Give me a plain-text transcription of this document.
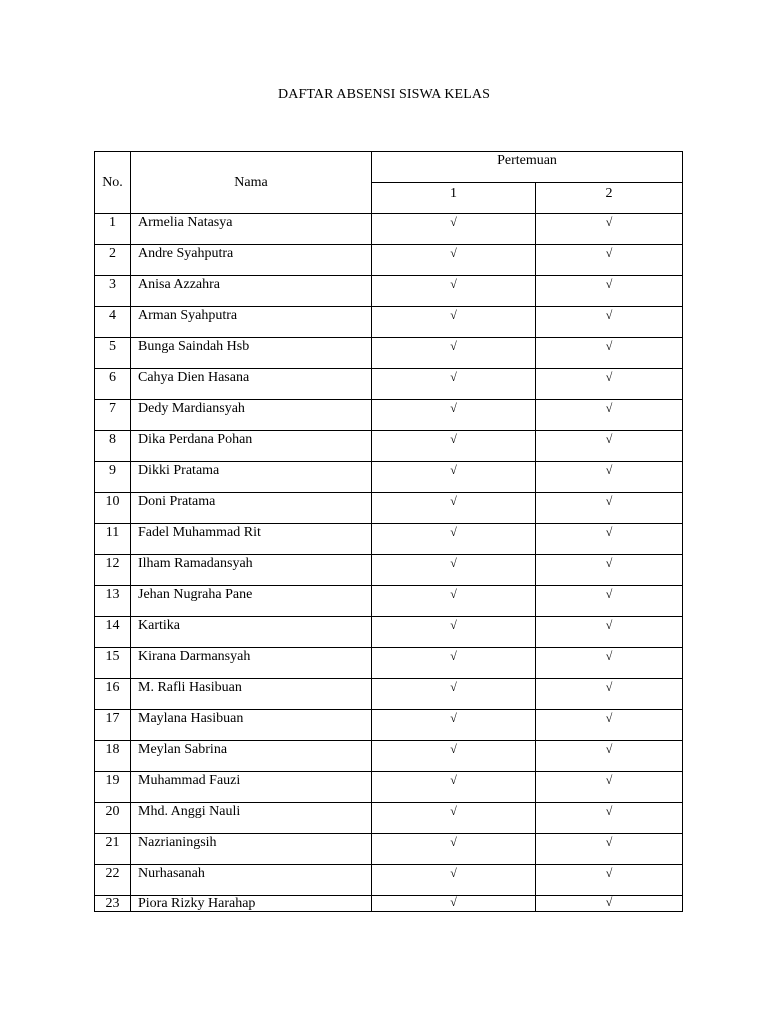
DAFTAR ABSENSI SISWA KELAS
No.	Nama	Pertemuan	
		1	2
1	Armelia Natasya	√	√
2	Andre Syahputra	√	√
3	Anisa Azzahra	√	√
4	Arman Syahputra	√	√
5	Bunga Saindah Hsb	√	√
6	Cahya Dien Hasana	√	√
7	Dedy Mardiansyah	√	√
8	Dika Perdana Pohan	√	√
9	Dikki Pratama	√	√
10	Doni Pratama	√	√
11	Fadel Muhammad Rit	√	√
12	Ilham Ramadansyah	√	√
13	Jehan Nugraha Pane	√	√
14	Kartika	√	√
15	Kirana Darmansyah	√	√
16	M. Rafli Hasibuan	√	√
17	Maylana Hasibuan	√	√
18	Meylan Sabrina	√	√
19	Muhammad Fauzi	√	√
20	Mhd. Anggi Nauli	√	√
21	Nazrianingsih	√	√
22	Nurhasanah	√	√
23	Piora Rizky Harahap	√	√
